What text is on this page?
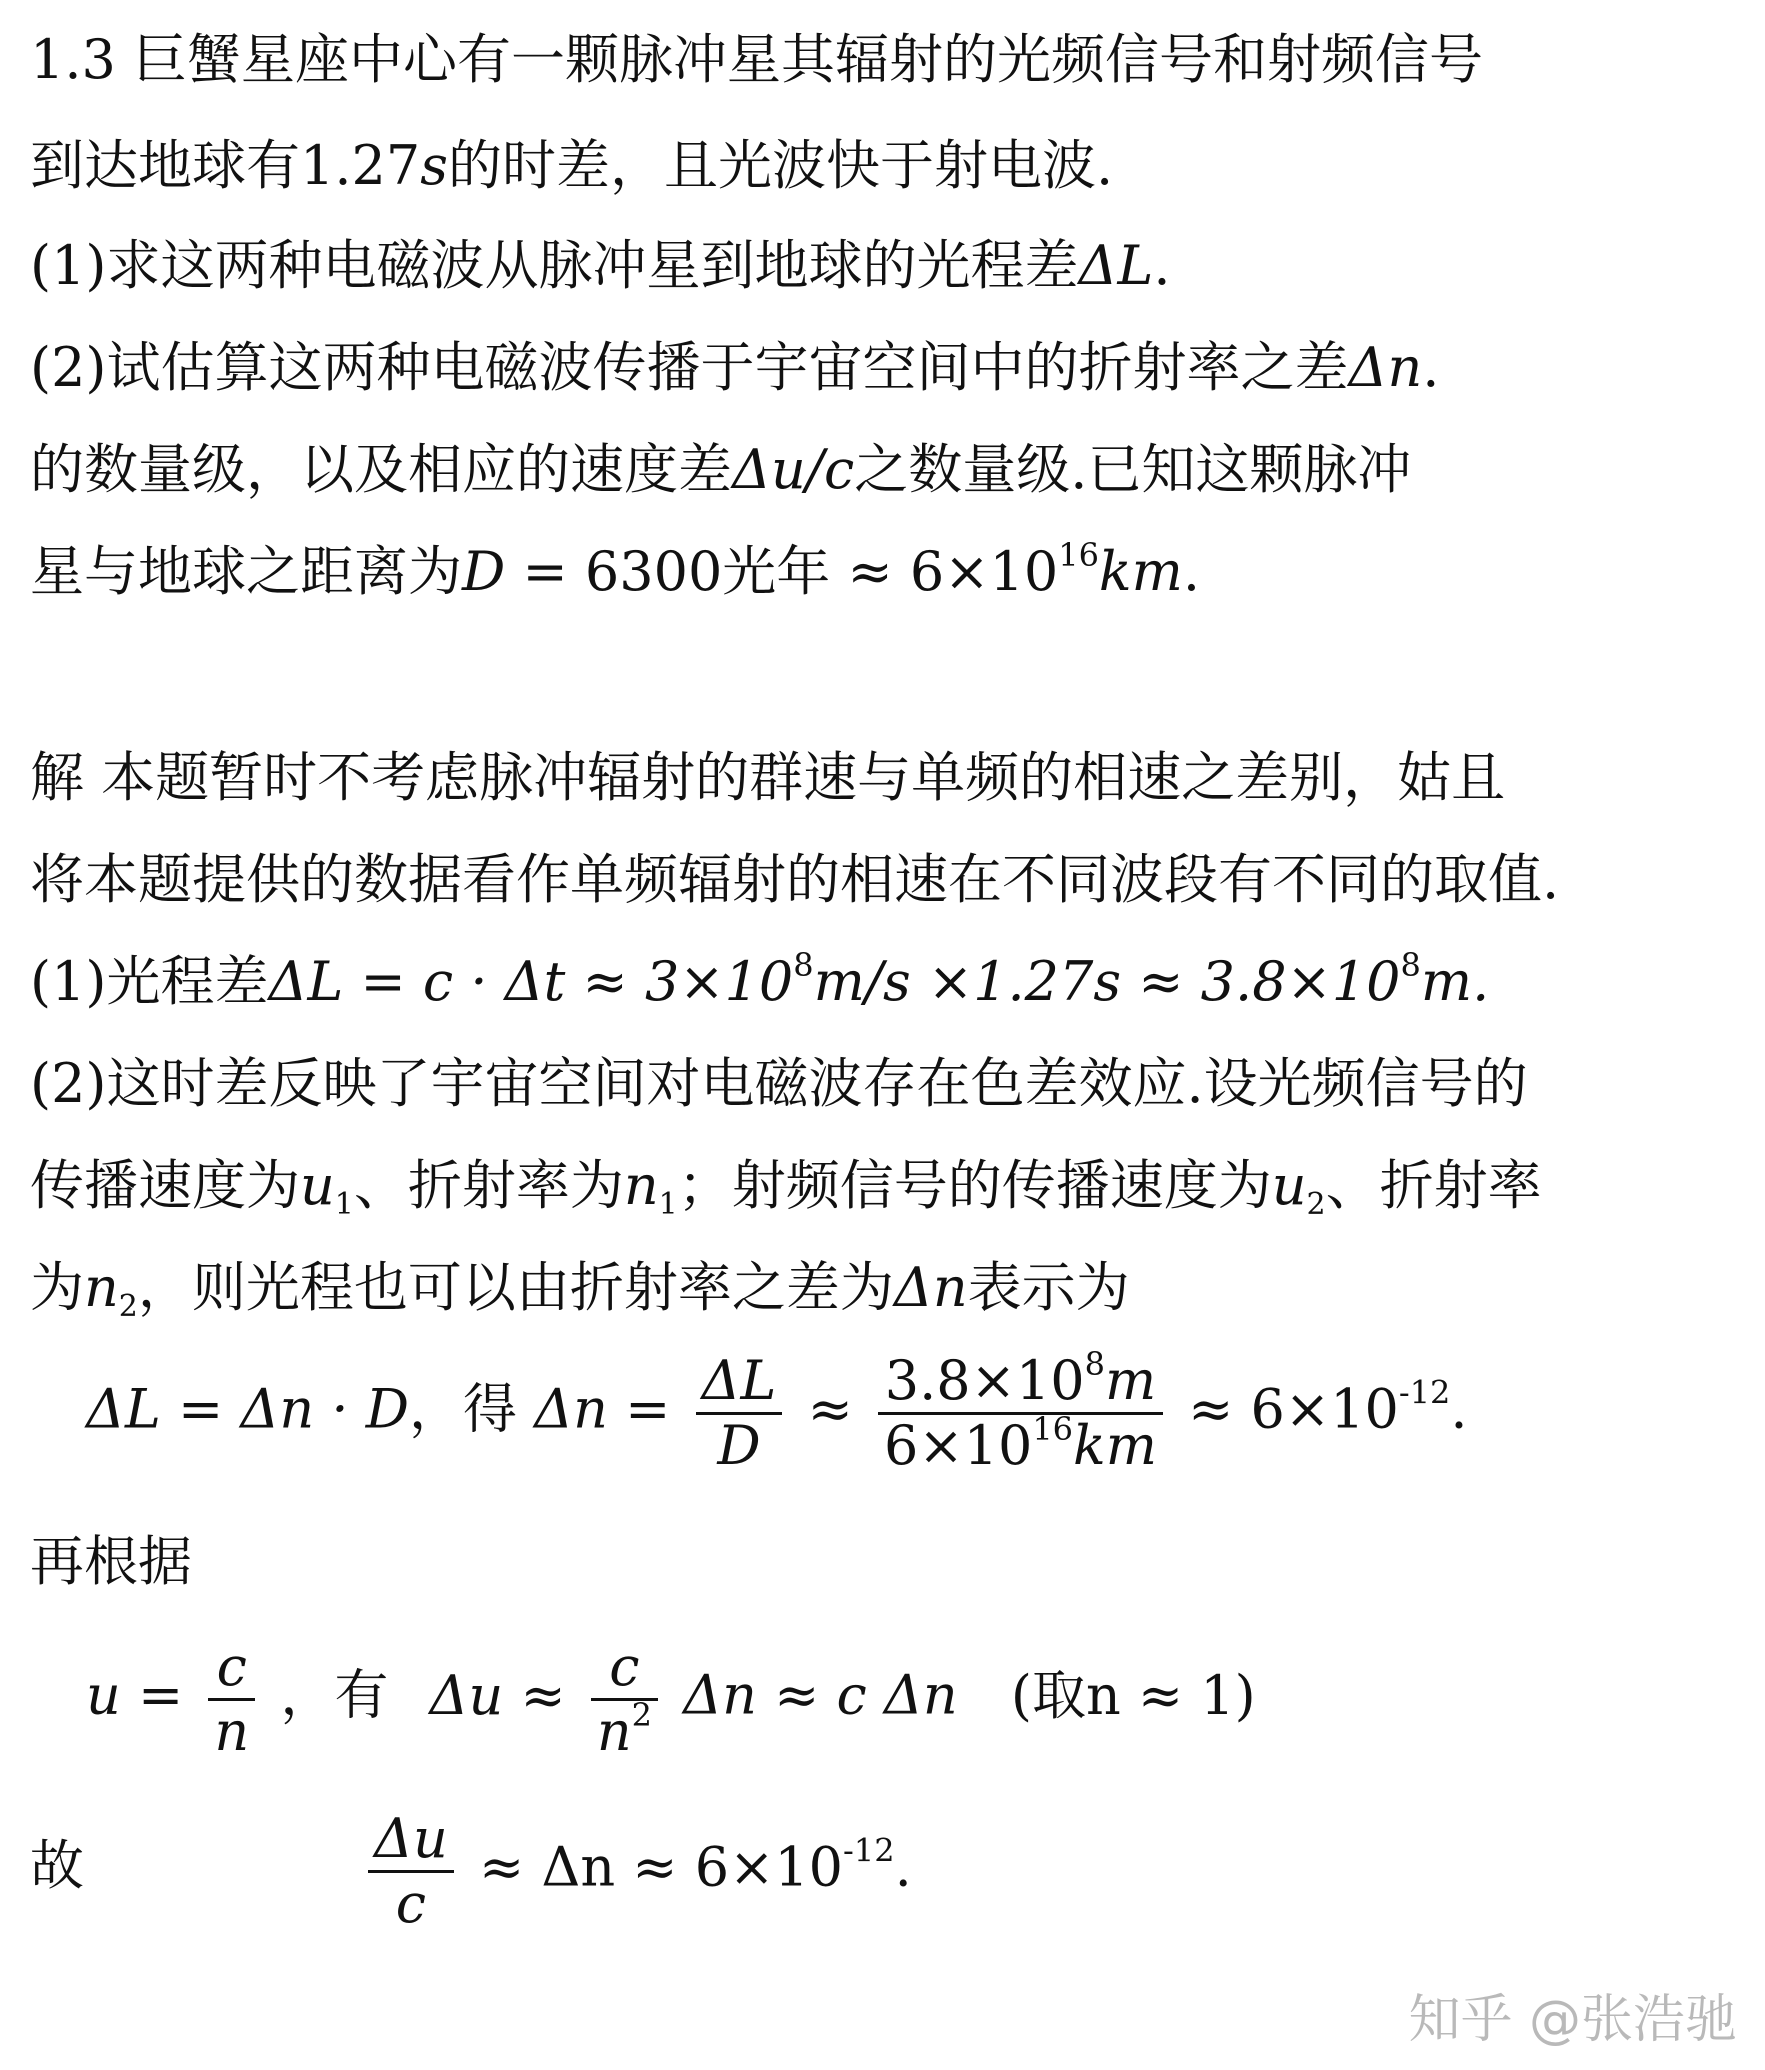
1.3 巨蟹星座中心有一颗脉冲星其辐射的光频信号和射频信号
到达地球有1.27s的时差，且光波快于射电波.
(1)求这两种电磁波从脉冲星到地球的光程差ΔL.
(2)试估算这两种电磁波传播于宇宙空间中的折射率之差Δn.
的数量级，以及相应的速度差Δu/c之数量级.已知这颗脉冲
星与地球之距离为D = 6300光年 ≈ $6\times 10^{16}km$.
解 本题暂时不考虑脉冲辐射的群速与单频的相速之差别，姑且
将本题提供的数据看作单频辐射的相速在不同波段有不同的取值.
(1)光程差$\Delta L = c \cdot \Delta t \approx 3\times 10^8m/s \times 1.27s \approx 3.8\times 10^8m$.
(2)这时差反映了宇宙空间对电磁波存在色差效应.设光频信号的
传播速度为$u_1$、折射率为$n_1$；射频信号的传播速度为$u_2$、折射率
为$n_2$，则光程也可以由折射率之差为Δn表示为
ΔL = Δn · D，得 $\Delta n = \frac{\Delta L}{D} \approx \frac{3.8\times 10^8m}{6\times 10^{16}km} \approx 6\times 10^{-12}$.
再根据
$u = \frac{c}{n}$ ，有 $\Delta u \approx \frac{c}{n^2}$ Δn ≈ c Δn (取n ≈ 1)
故	$\frac{\Delta u}{c} \approx \Delta n \approx 6\times 10^{-12}$.
知乎 @张浩驰
